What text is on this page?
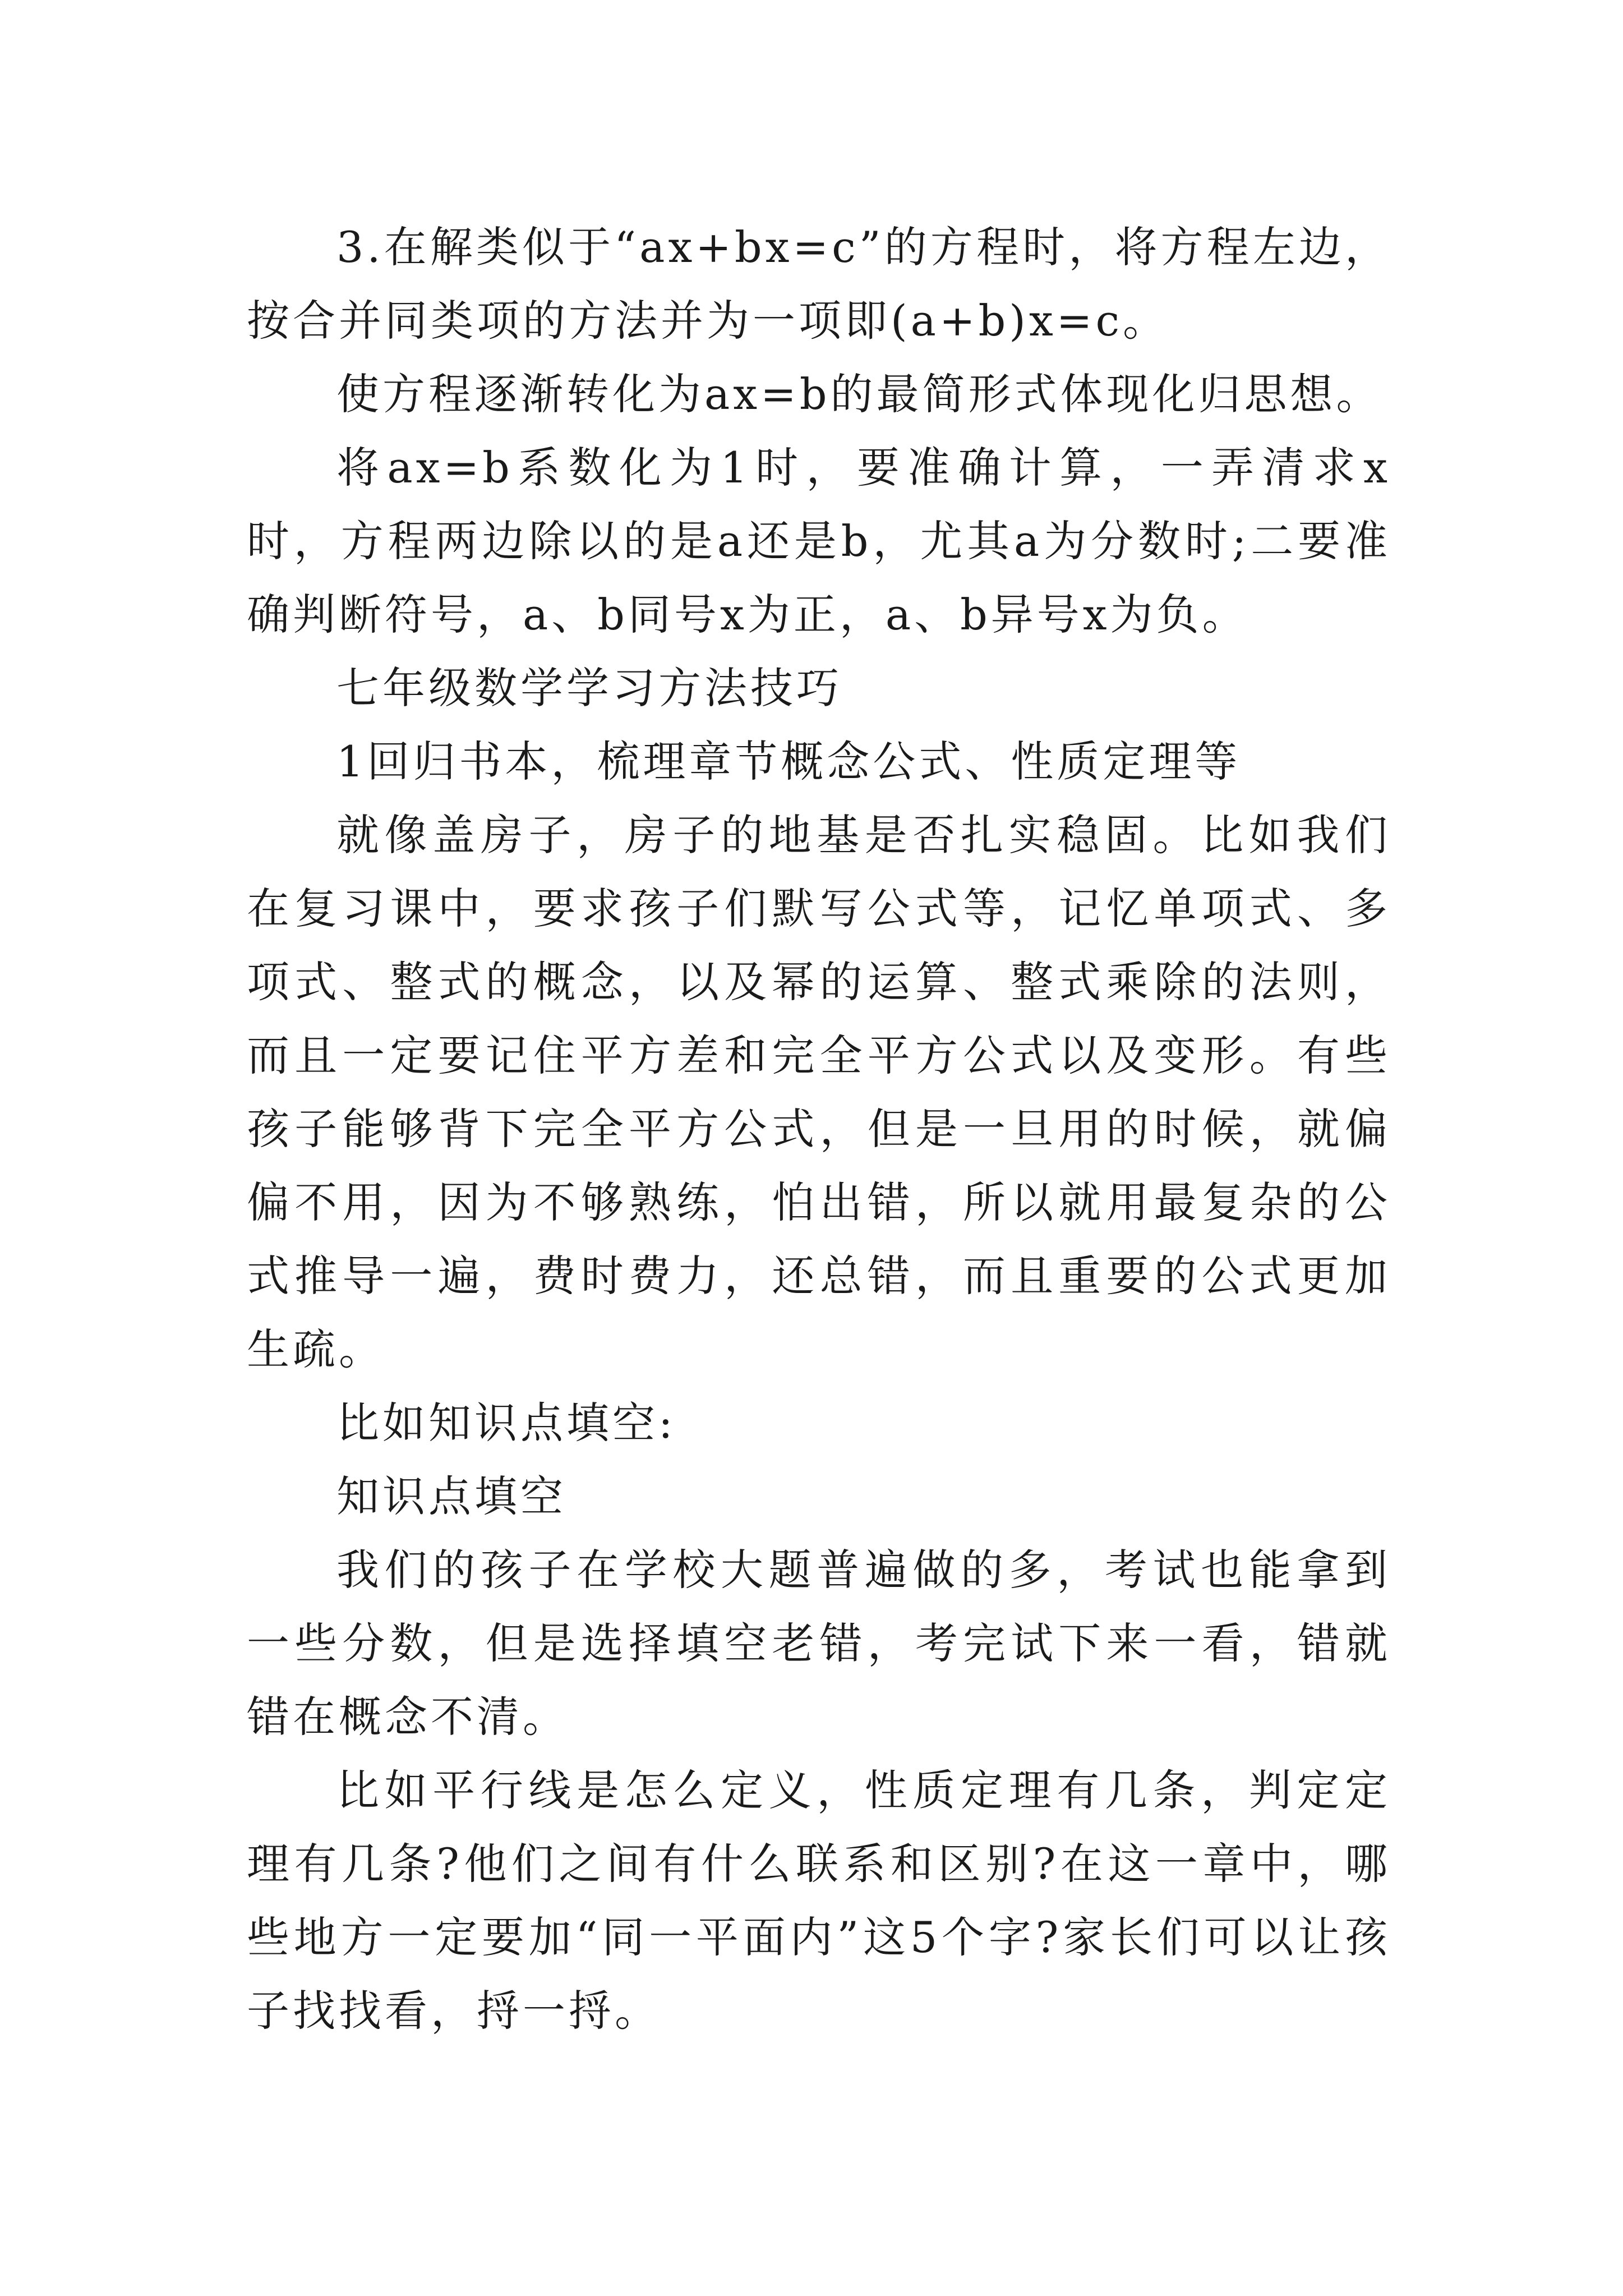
3.在解类似于“ax+bx=c”的方程时，将方程左边，按合并同类项的方法并为一项即(a+b)x=c。

使方程逐渐转化为ax=b的最简形式体现化归思想。

将ax=b系数化为1时，要准确计算，一弄清求x时，方程两边除以的是a还是b，尤其a为分数时;二要准确判断符号，a、b同号x为正，a、b异号x为负。

七年级数学学习方法技巧

1回归书本，梳理章节概念公式、性质定理等

就像盖房子，房子的地基是否扎实稳固。比如我们在复习课中，要求孩子们默写公式等，记忆单项式、多项式、整式的概念，以及幂的运算、整式乘除的法则，而且一定要记住平方差和完全平方公式以及变形。有些孩子能够背下完全平方公式，但是一旦用的时候，就偏偏不用，因为不够熟练，怕出错，所以就用最复杂的公式推导一遍，费时费力，还总错，而且重要的公式更加生疏。

比如知识点填空:

知识点填空

我们的孩子在学校大题普遍做的多，考试也能拿到一些分数，但是选择填空老错，考完试下来一看，错就错在概念不清。

比如平行线是怎么定义，性质定理有几条，判定定理有几条?他们之间有什么联系和区别?在这一章中，哪些地方一定要加“同一平面内”这5个字?家长们可以让孩子找找看，捋一捋。
